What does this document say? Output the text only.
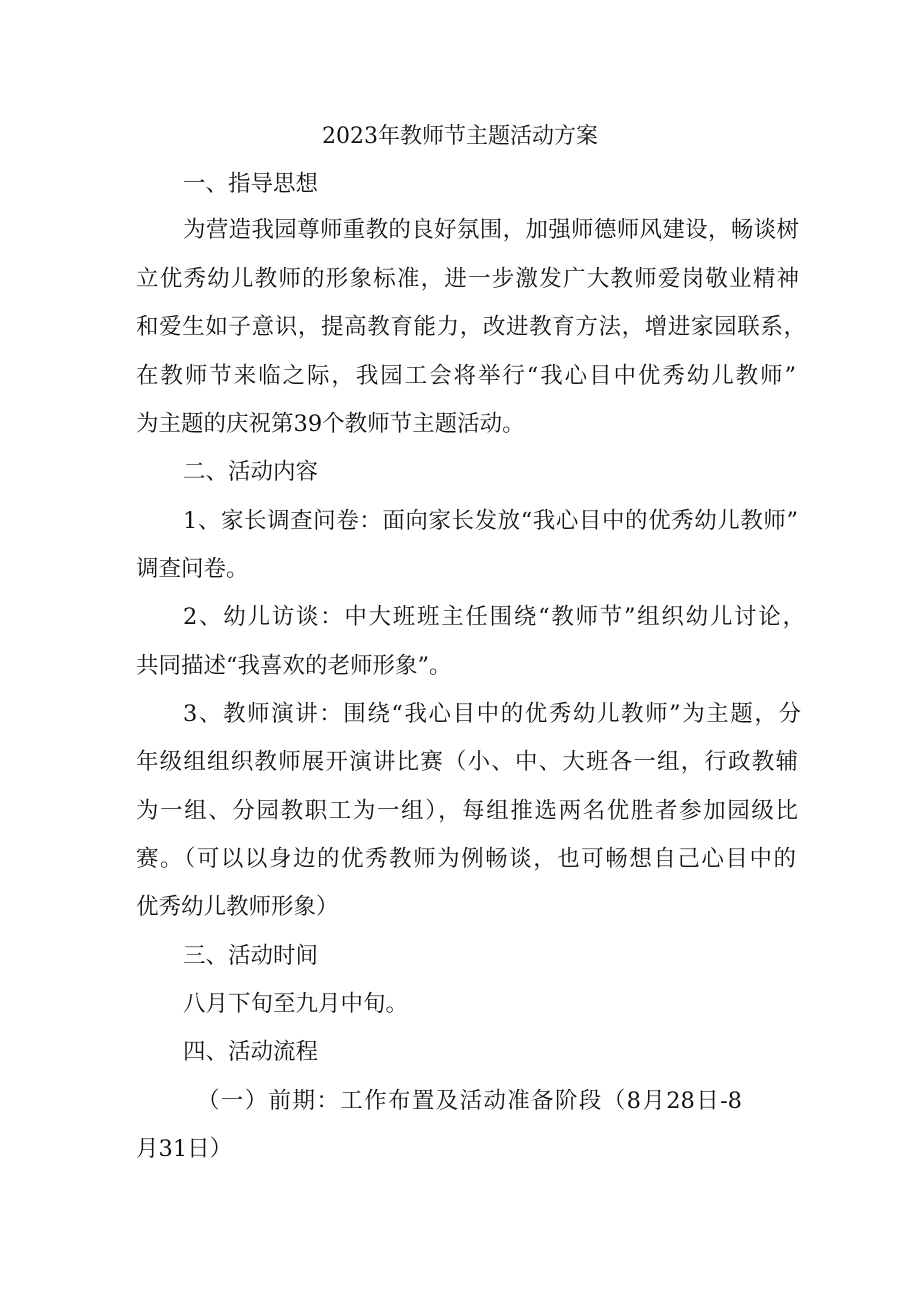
2023年教师节主题活动方案
一、指导思想
为营造我园尊师重教的良好氛围，加强师德师风建设，畅谈树
立优秀幼儿教师的形象标准，进一步激发广大教师爱岗敬业精神
和爱生如子意识，提高教育能力，改进教育方法，增进家园联系，
在教师节来临之际，我园工会将举行“我心目中优秀幼儿教师”
为主题的庆祝第39个教师节主题活动。
二、活动内容
1、家长调查问卷：面向家长发放“我心目中的优秀幼儿教师”
调查问卷。
2、幼儿访谈：中大班班主任围绕“教师节”组织幼儿讨论，
共同描述“我喜欢的老师形象”。
3、教师演讲：围绕“我心目中的优秀幼儿教师”为主题，分
年级组组织教师展开演讲比赛（小、中、大班各一组，行政教辅
为一组、分园教职工为一组），每组推选两名优胜者参加园级比
赛。（可以以身边的优秀教师为例畅谈，也可畅想自己心目中的
优秀幼儿教师形象）
三、活动时间
八月下旬至九月中旬。
四、活动流程
（一）前期：工作布置及活动准备阶段（8月28日-8
月31日）
